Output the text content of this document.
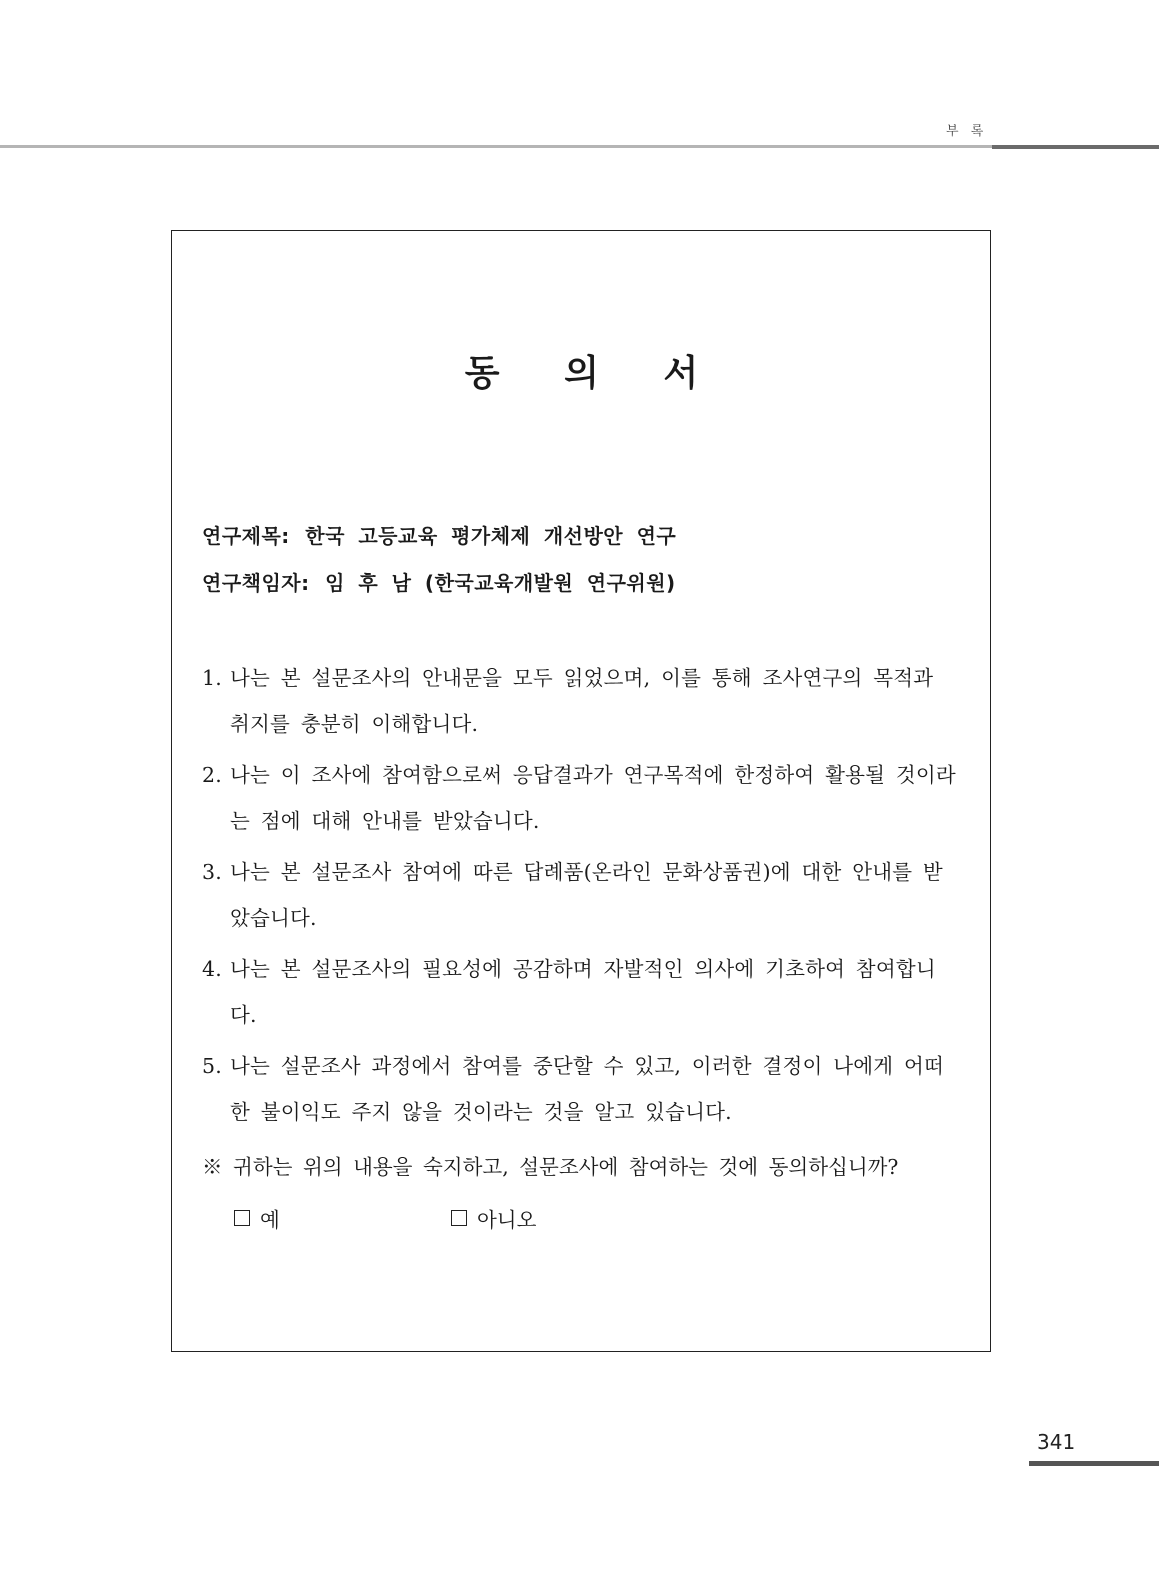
부 록
동 의 서
연구제목: 한국 고등교육 평가체제 개선방안 연구
연구책임자: 임 후 남 (한국교육개발원 연구위원)
1. 나는 본 설문조사의 안내문을 모두 읽었으며, 이를 통해 조사연구의 목적과 취지를 충분히 이해합니다.
2. 나는 이 조사에 참여함으로써 응답결과가 연구목적에 한정하여 활용될 것이라는 점에 대해 안내를 받았습니다.
3. 나는 본 설문조사 참여에 따른 답례품(온라인 문화상품권)에 대한 안내를 받았습니다.
4. 나는 본 설문조사의 필요성에 공감하며 자발적인 의사에 기초하여 참여합니다.
5. 나는 설문조사 과정에서 참여를 중단할 수 있고, 이러한 결정이 나에게 어떠한 불이익도 주지 않을 것이라는 것을 알고 있습니다.
※ 귀하는 위의 내용을 숙지하고, 설문조사에 참여하는 것에 동의하십니까?
예	아니오
341
